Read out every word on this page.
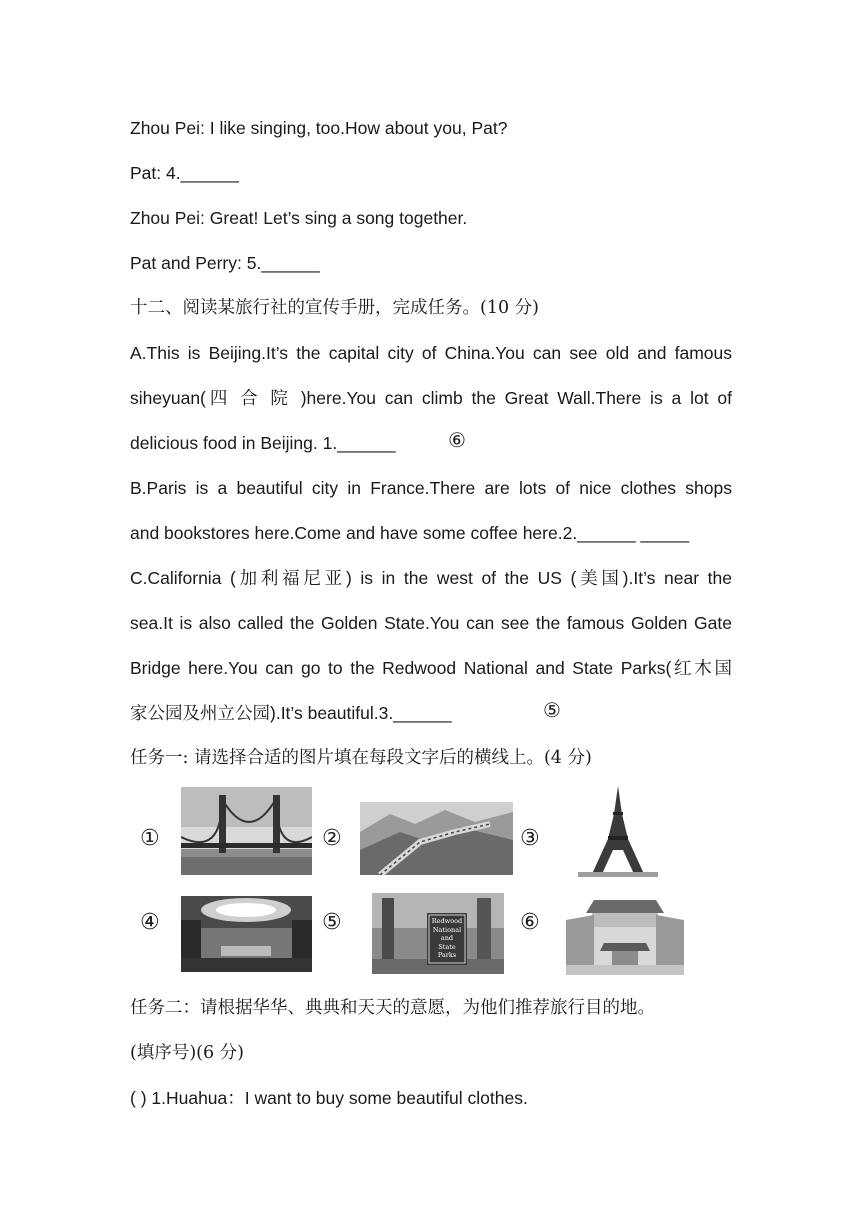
Zhou Pei: I like singing, too.How about you, Pat?
Pat: 4.______
Zhou Pei: Great! Let’s sing a song together.
Pat and Perry: 5.______
十二、阅读某旅行社的宣传手册，完成任务。(10 分)
A.This is Beijing.It’s the capital city of China.You can see old and famous
siheyuan(四 合 院 )here.You can climb the Great Wall.There is a lot of
delicious food in Beijing. 1.______	⑥
B.Paris is a beautiful city in France.There are lots of nice clothes shops
and bookstores here.Come and have some coffee here.2.______ _____
C.California (加利福尼亚) is in the west of the US (美国).It’s near the
sea.It is also called the Golden State.You can see the famous Golden Gate
Bridge here.You can go to the Redwood National and State Parks(红木国
家公园及州立公园).It’s beautiful.3.______	⑤
任务一: 请选择合适的图片填在每段文字后的横线上。(4 分)
①	②	③
④	⑤	Redwood
National
and
State
Parks
⑥
任务二：请根据华华、典典和天天的意愿，为他们推荐旅行目的地。
(填序号)(6 分)
( ) 1.Huahua：I want to buy some beautiful clothes.
